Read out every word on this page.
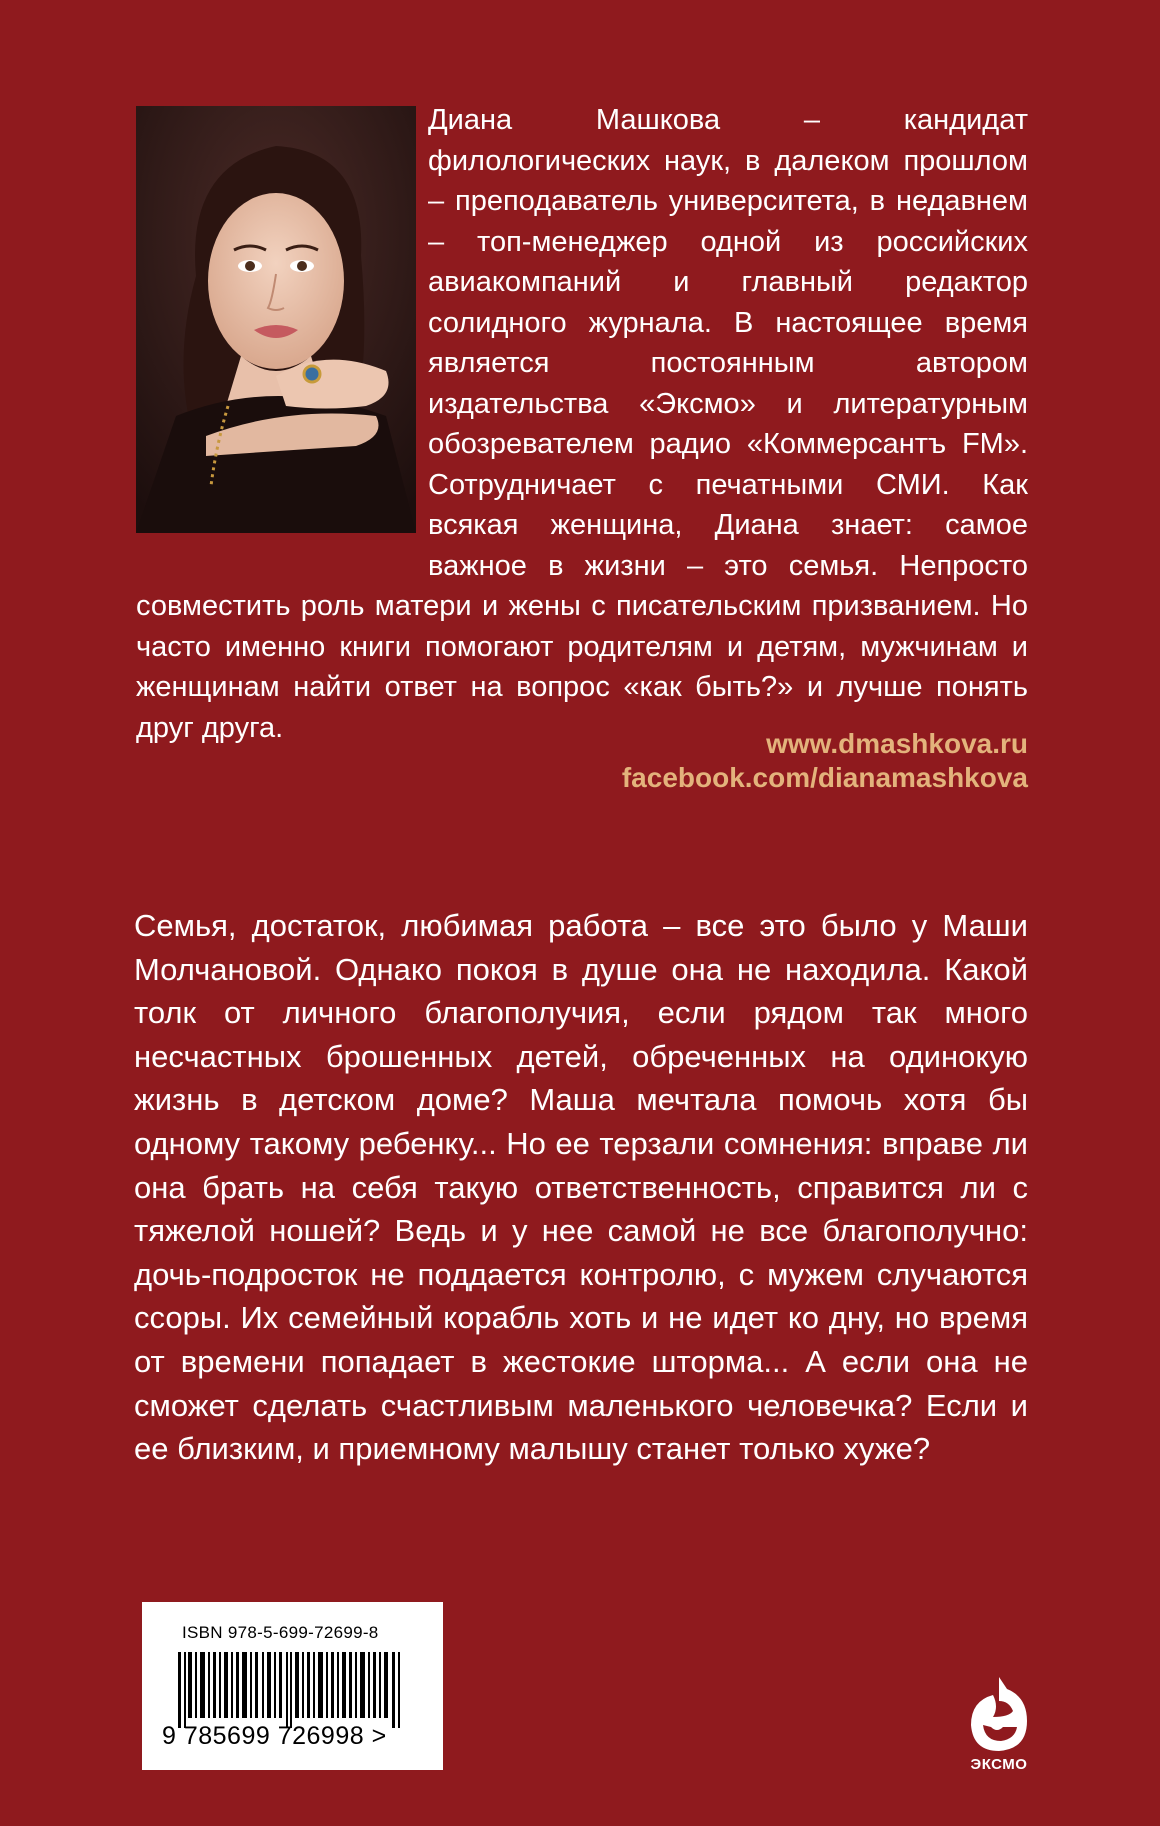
Диана Машкова – кандидат филологических наук, в далеком прошлом – преподаватель университета, в недавнем – топ-менеджер одной из российских авиакомпаний и главный редактор солидного журнала. В настоящее время является постоянным автором издательства «Эксмо» и литературным обозревателем радио «Коммерсантъ FM». Сотрудничает с печатными СМИ. Как всякая женщина, Диана знает: самое важное в жизни – это семья. Непросто совместить роль матери и жены с писательским призванием. Но часто именно книги помогают родителям и детям, мужчинам и женщинам найти ответ на вопрос «как быть?» и лучше понять друг друга.	www.dmashkova.ru
facebook.com/dianamashkova

Семья, достаток, любимая работа – все это было у Маши Молчановой. Однако покоя в душе она не находила. Какой толк от личного благополучия, если рядом так много несчастных брошенных детей, обреченных на одинокую жизнь в детском доме? Маша мечтала помочь хотя бы одному такому ребенку... Но ее терзали сомнения: вправе ли она брать на себя такую ответственность, справится ли с тяжелой ношей? Ведь и у нее самой не все благополучно: дочь-подросток не поддается контролю, с мужем случаются ссоры. Их семейный корабль хоть и не идет ко дну, но время от времени попадает в жестокие шторма... А если она не сможет сделать счастливым маленького человечка? Если и ее близким, и приемному малышу станет только хуже?

ISBN 978-5-699-72699-8
9 785699 726998 >
ЭКСМО
